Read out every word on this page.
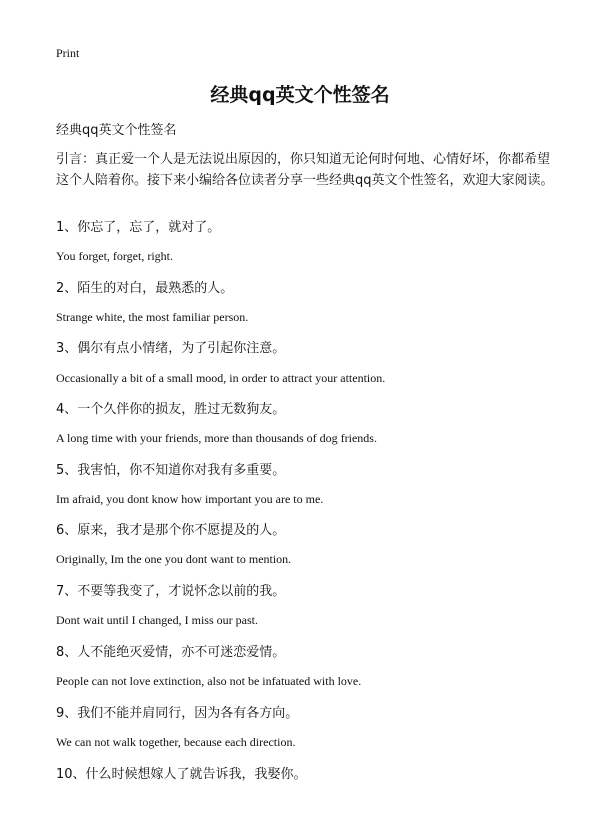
Print
经典qq英文个性签名
经典qq英文个性签名
引言：真正爱一个人是无法说出原因的，你只知道无论何时何地、心情好坏，你都希望这个人陪着你。接下来小编给各位读者分享一些经典qq英文个性签名，欢迎大家阅读。
1、你忘了，忘了，就对了。
You forget, forget, right.
2、陌生的对白，最熟悉的人。
Strange white, the most familiar person.
3、偶尔有点小情绪，为了引起你注意。
Occasionally a bit of a small mood, in order to attract your attention.
4、一个久伴你的损友，胜过无数狗友。
A long time with your friends, more than thousands of dog friends.
5、我害怕，你不知道你对我有多重要。
Im afraid, you dont know how important you are to me.
6、原来，我才是那个你不愿提及的人。
Originally, Im the one you dont want to mention.
7、不要等我变了，才说怀念以前的我。
Dont wait until I changed, I miss our past.
8、人不能绝灭爱情，亦不可迷恋爱情。
People can not love extinction, also not be infatuated with love.
9、我们不能并肩同行，因为各有各方向。
We can not walk together, because each direction.
10、什么时候想嫁人了就告诉我，我娶你。
